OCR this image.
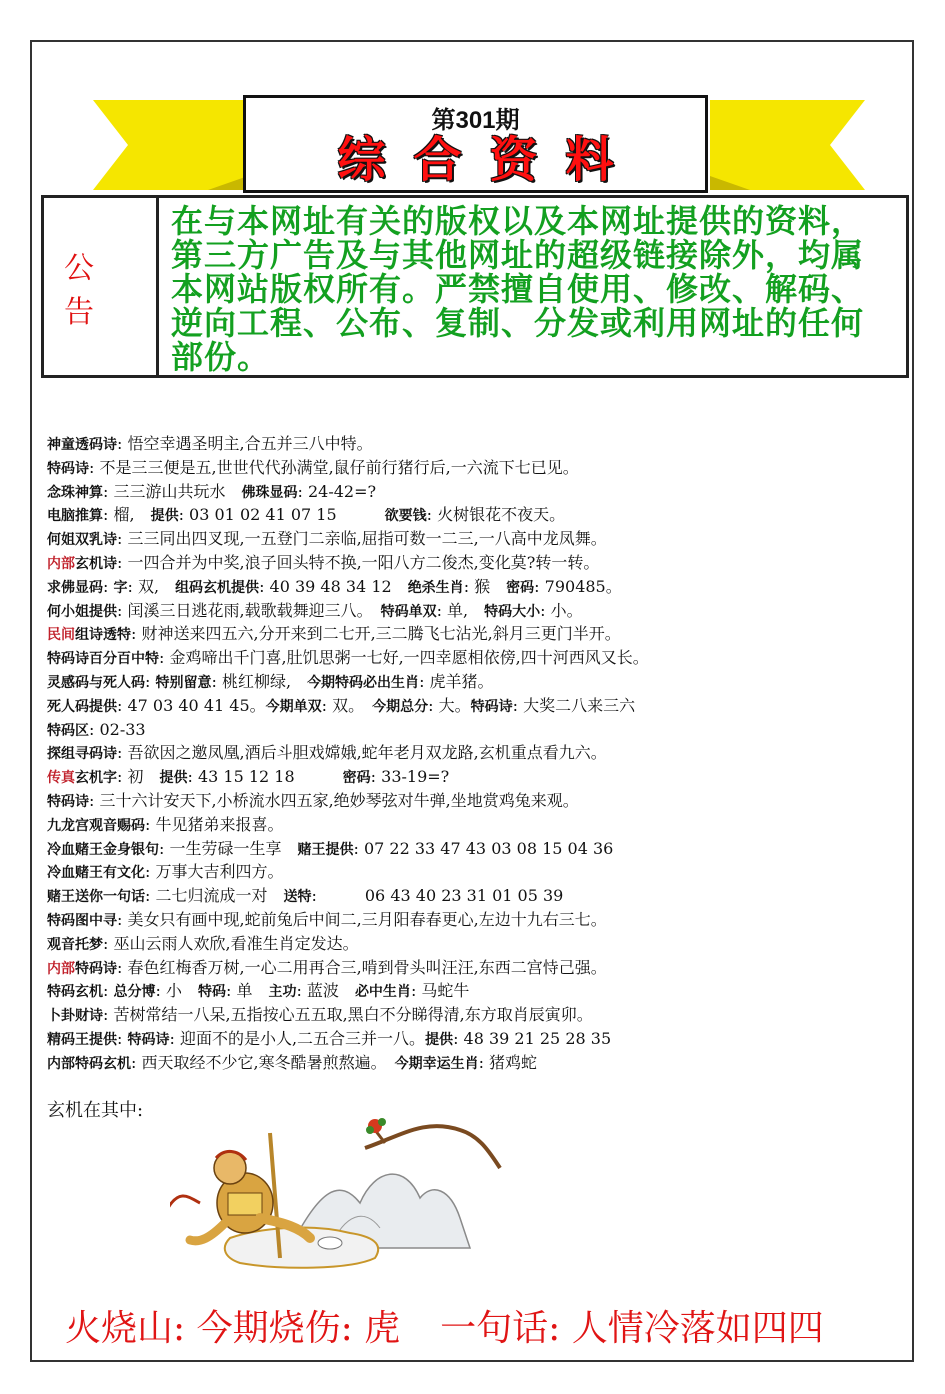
第301期
综合资料
公告
在与本网址有关的版权以及本网址提供的资料，第三方广告及与其他网址的超级链接除外，均属本网站版权所有。严禁擅自使用、修改、解码、逆向工程、公布、复制、分发或利用网址的任何部份。
神童透码诗: 悟空幸遇圣明主,合五并三八中特。
特码诗: 不是三三便是五,世世代代孙满堂,鼠仔前行猪行后,一六流下七已见。
念珠神算: 三三游山共玩水　佛珠显码: 24-42=?
电脑推算: 榴,　提供: 03 01 02 41 07 15　　　欲要钱: 火树银花不夜天。
何姐双乳诗: 三三同出四叉现,一五登门二亲临,屈指可数一二三,一八高中龙凤舞。
内部玄机诗: 一四合并为中奖,浪子回头特不换,一阳八方二俊杰,变化莫?转一转。
求佛显码: 字: 双,　组码玄机提供: 40 39 48 34 12　绝杀生肖: 猴　密码: 790485。
何小姐提供: 闰溪三日逃花雨,载歌载舞迎三八。　特码单双: 单,　特码大小: 小。
民间组诗透特: 财神送来四五六,分开来到二七开,三二腾飞七沾光,斜月三更门半开。
特码诗百分百中特: 金鸡啼出千门喜,肚饥思粥一七好,一四幸愿相依傍,四十河西风又长。
灵感码与死人码: 特别留意: 桃红柳绿,　今期特码必出生肖: 虎羊猪。
死人码提供: 47 03 40 41 45。今期单双: 双。　今期总分: 大。特码诗: 大奖二八来三六
特码区: 02-33
探组寻码诗: 吾欲因之邀凤凰,酒后斗胆戏嫦娥,蛇年老月双龙路,玄机重点看九六。
传真玄机字: 初　提供: 43 15 12 18　　　密码: 33-19=?
特码诗: 三十六计安天下,小桥流水四五家,绝妙琴弦对牛弹,坐地赏鸡兔来观。
九龙宫观音赐码: 牛见猪弟来报喜。
冷血赌王金身银句: 一生劳碌一生享　赌王提供: 07 22 33 47 43 03 08 15 04 36
冷血赌王有文化: 万事大吉利四方。
赌王送你一句话: 二七归流成一对　送特:　　　06 43 40 23 31 01 05 39
特码图中寻: 美女只有画中现,蛇前兔后中间二,三月阳春春更心,左边十九右三七。
观音托梦: 巫山云雨人欢欣,看准生肖定发达。
内部特码诗: 春色红梅香万树,一心二用再合三,啃到骨头叫汪汪,东西二宫恃己强。
特码玄机: 总分博: 小　特码: 单　主功: 蓝波　必中生肖: 马蛇牛
卜卦财诗: 苦树常结一八呆,五指按心五五取,黑白不分睇得清,东方取肖辰寅卯。
精码王提供: 特码诗: 迎面不的是小人,二五合三并一八。提供: 48 39 21 25 28 35
内部特码玄机: 西天取经不少它,寒冬酷暑煎熬遍。　今期幸运生肖: 猪鸡蛇
玄机在其中:
火烧山: 今期烧伤: 虎 一句话: 人情冷落如四四
